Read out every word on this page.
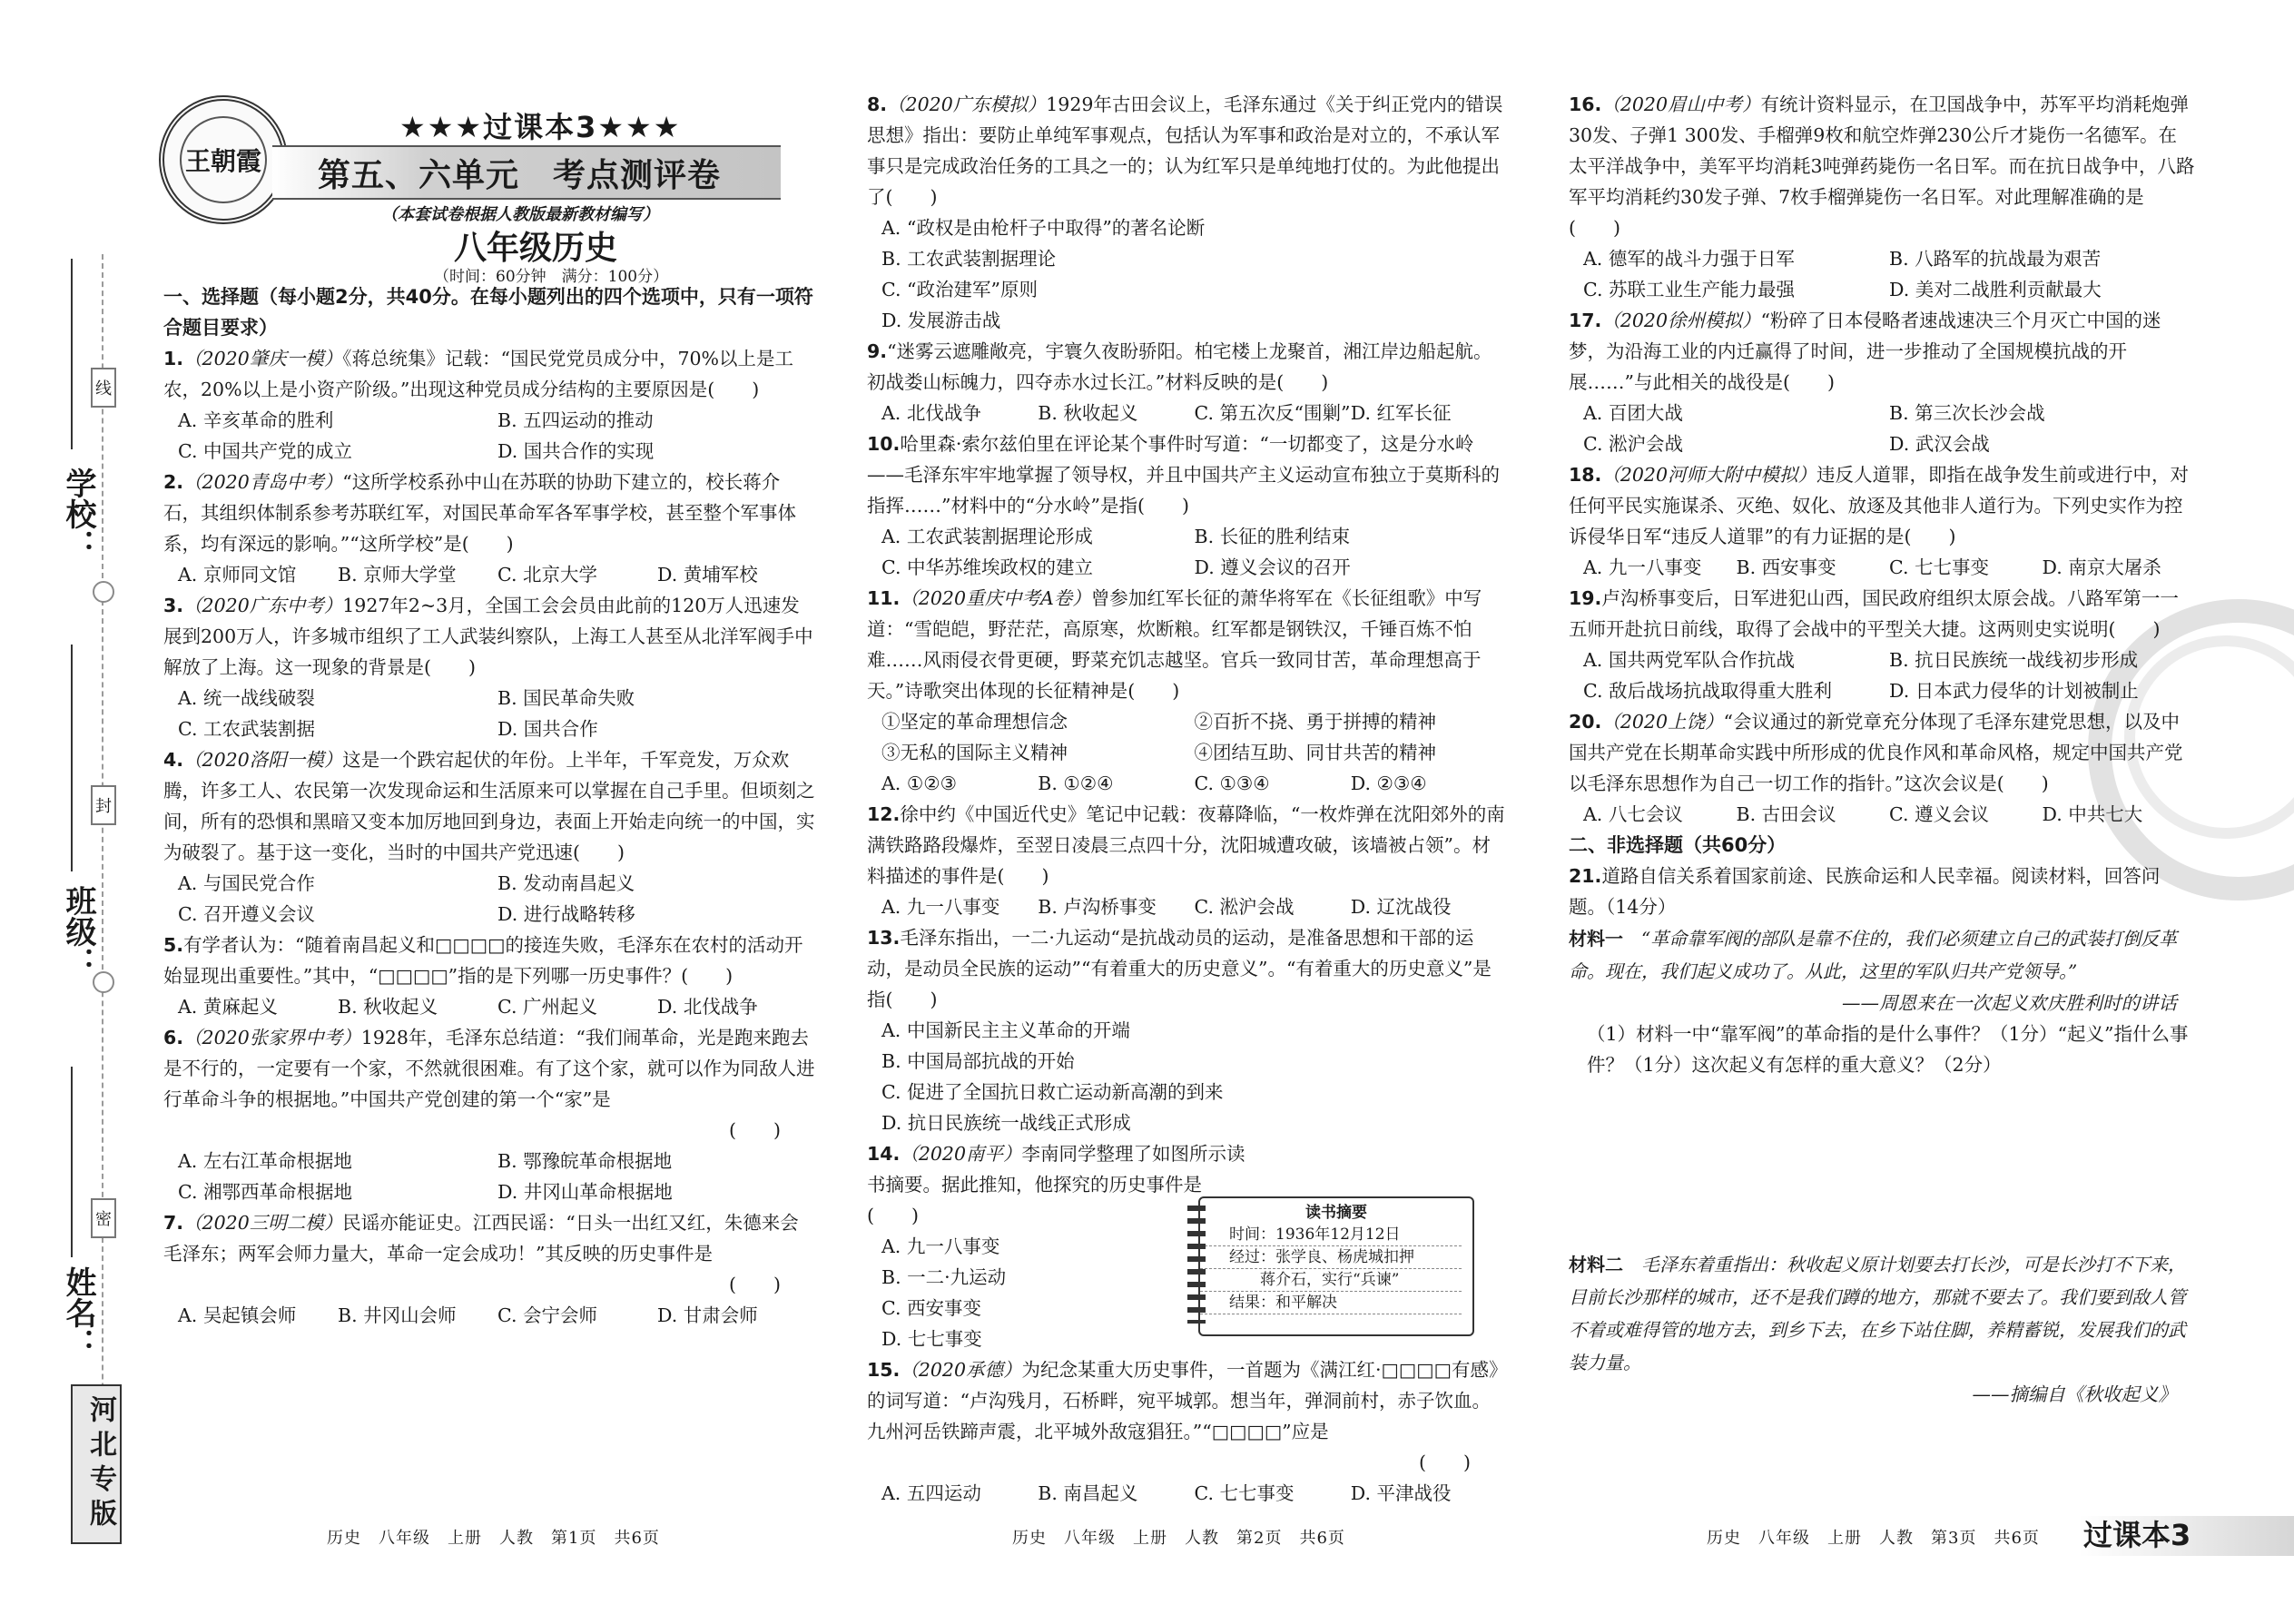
线
封
密
学校：
班级：
姓名：
河北专版
王朝霞
★★★过课本3★★★
第五、六单元　考点测评卷
（本套试卷根据人教版最新教材编写）
八年级历史
（时间：60分钟　满分：100分）
一、选择题（每小题2分，共40分。在每小题列出的四个选项中，只有一项符合题目要求）
1.（2020肇庆一模）《蒋总统集》记载：“国民党党员成分中，70%以上是工农，20%以上是小资产阶级。”出现这种党员成分结构的主要原因是(　　)
A. 辛亥革命的胜利	B. 五四运动的推动
C. 中国共产党的成立	D. 国共合作的实现
2.（2020青岛中考）“这所学校系孙中山在苏联的协助下建立的，校长蒋介石，其组织体制系参考苏联红军，对国民革命军各军事学校，甚至整个军事体系，均有深远的影响。”“这所学校”是(　　)
A. 京师同文馆	B. 京师大学堂	C. 北京大学	D. 黄埔军校
3.（2020广东中考）1927年2~3月，全国工会会员由此前的120万人迅速发展到200万人，许多城市组织了工人武装纠察队，上海工人甚至从北洋军阀手中解放了上海。这一现象的背景是(　　)
A. 统一战线破裂	B. 国民革命失败
C. 工农武装割据	D. 国共合作
4.（2020洛阳一模）这是一个跌宕起伏的年份。上半年，千军竞发，万众欢腾，许多工人、农民第一次发现命运和生活原来可以掌握在自己手里。但顷刻之间，所有的恐惧和黑暗又变本加厉地回到身边，表面上开始走向统一的中国，实为破裂了。基于这一变化，当时的中国共产党迅速(　　)
A. 与国民党合作	B. 发动南昌起义
C. 召开遵义会议	D. 进行战略转移
5.有学者认为：“随着南昌起义和□□□□的接连失败，毛泽东在农村的活动开始显现出重要性。”其中，“□□□□”指的是下列哪一历史事件？(　　)
A. 黄麻起义	B. 秋收起义	C. 广州起义	D. 北伐战争
6.（2020张家界中考）1928年，毛泽东总结道：“我们闹革命，光是跑来跑去是不行的，一定要有一个家，不然就很困难。有了这个家，就可以作为同敌人进行革命斗争的根据地。”中国共产党创建的第一个“家”是
(　　)
A. 左右江革命根据地	B. 鄂豫皖革命根据地
C. 湘鄂西革命根据地	D. 井冈山革命根据地
7.（2020三明二模）民谣亦能证史。江西民谣：“日头一出红又红，朱德来会毛泽东；两军会师力量大，革命一定会成功！”其反映的历史事件是
(　　)
A. 吴起镇会师	B. 井冈山会师	C. 会宁会师	D. 甘肃会师
8.（2020广东模拟）1929年古田会议上，毛泽东通过《关于纠正党内的错误思想》指出：要防止单纯军事观点，包括认为军事和政治是对立的，不承认军事只是完成政治任务的工具之一的；认为红军只是单纯地打仗的。为此他提出了(　　)
A. “政权是由枪杆子中取得”的著名论断
B. 工农武装割据理论
C. “政治建军”原则
D. 发展游击战
9.“迷雾云遮雕敞亮，宇寰久夜盼骄阳。柏宅楼上龙聚首，湘江岸边船起航。初战娄山标魄力，四夺赤水过长江。”材料反映的是(　　)
A. 北伐战争	B. 秋收起义	C. 第五次反“围剿” D. 红军长征
10.哈里森·索尔兹伯里在评论某个事件时写道：“一切都变了，这是分水岭——毛泽东牢牢地掌握了领导权，并且中国共产主义运动宣布独立于莫斯科的指挥……”材料中的“分水岭”是指(　　)
A. 工农武装割据理论形成	B. 长征的胜利结束
C. 中华苏维埃政权的建立	D. 遵义会议的召开
11.（2020重庆中考A卷）曾参加红军长征的萧华将军在《长征组歌》中写道：“雪皑皑，野茫茫，高原寒，炊断粮。红军都是钢铁汉，千锤百炼不怕难……风雨侵衣骨更硬，野菜充饥志越坚。官兵一致同甘苦，革命理想高于天。”诗歌突出体现的长征精神是(　　)
①坚定的革命理想信念	②百折不挠、勇于拼搏的精神
③无私的国际主义精神	④团结互助、同甘共苦的精神
A. ①②③	B. ①②④	C. ①③④	D. ②③④
12.徐中约《中国近代史》笔记中记载：夜幕降临，“一枚炸弹在沈阳郊外的南满铁路路段爆炸，至翌日凌晨三点四十分，沈阳城遭攻破，该墙被占领”。材料描述的事件是(　　)
A. 九一八事变	B. 卢沟桥事变	C. 淞沪会战	D. 辽沈战役
13.毛泽东指出，一二·九运动“是抗战动员的运动，是准备思想和干部的运动，是动员全民族的运动”“有着重大的历史意义”。“有着重大的历史意义”是指(　　)
A. 中国新民主主义革命的开端
B. 中国局部抗战的开始
C. 促进了全国抗日救亡运动新高潮的到来
D. 抗日民族统一战线正式形成
14.（2020南平）李南同学整理了如图所示读书摘要。据此推知，他探究的历史事件是(　　)
A. 九一八事变
B. 一二·九运动
C. 西安事变
D. 七七事变
15.（2020承德）为纪念某重大历史事件，一首题为《满江红·□□□□有感》的词写道：“卢沟残月，石桥畔，宛平城郭。想当年，弹洞前村，赤子饮血。九州河岳铁蹄声震，北平城外敌寇猖狂。”“□□□□”应是
(　　)
A. 五四运动	B. 南昌起义	C. 七七事变	D. 平津战役
读书摘要
时间：1936年12月12日
经过：张学良、杨虎城扣押
　　蒋介石，实行“兵谏”
结果：和平解决
16.（2020眉山中考）有统计资料显示，在卫国战争中，苏军平均消耗炮弹30发、子弹1 300发、手榴弹9枚和航空炸弹230公斤才毙伤一名德军。在太平洋战争中，美军平均消耗3吨弹药毙伤一名日军。而在抗日战争中，八路军平均消耗约30发子弹、7枚手榴弹毙伤一名日军。对此理解准确的是(　　)
A. 德军的战斗力强于日军	B. 八路军的抗战最为艰苦
C. 苏联工业生产能力最强	D. 美对二战胜利贡献最大
17.（2020徐州模拟）“粉碎了日本侵略者速战速决三个月灭亡中国的迷梦，为沿海工业的内迁赢得了时间，进一步推动了全国规模抗战的开展……”与此相关的战役是(　　)
A. 百团大战	B. 第三次长沙会战
C. 淞沪会战	D. 武汉会战
18.（2020河师大附中模拟）违反人道罪，即指在战争发生前或进行中，对任何平民实施谋杀、灭绝、奴化、放逐及其他非人道行为。下列史实作为控诉侵华日军“违反人道罪”的有力证据的是(　　)
A. 九一八事变	B. 西安事变	C. 七七事变	D. 南京大屠杀
19.卢沟桥事变后，日军进犯山西，国民政府组织太原会战。八路军第一一五师开赴抗日前线，取得了会战中的平型关大捷。这两则史实说明(　　)
A. 国共两党军队合作抗战	B. 抗日民族统一战线初步形成
C. 敌后战场抗战取得重大胜利	D. 日本武力侵华的计划被制止
20.（2020上饶）“会议通过的新党章充分体现了毛泽东建党思想，以及中国共产党在长期革命实践中所形成的优良作风和革命风格，规定中国共产党以毛泽东思想作为自己一切工作的指针。”这次会议是(　　)
A. 八七会议	B. 古田会议	C. 遵义会议	D. 中共七大
二、非选择题（共60分）
21.道路自信关系着国家前途、民族命运和人民幸福。阅读材料，回答问题。（14分）
材料一　 “革命靠军阀的部队是靠不住的，我们必须建立自己的武装打倒反革命。现在，我们起义成功了。从此，这里的军队归共产党领导。”
——周恩来在一次起义欢庆胜利时的讲话
（1）材料一中“靠军阀”的革命指的是什么事件？（1分）“起义”指什么事件？（1分）这次起义有怎样的重大意义？（2分）
材料二　 毛泽东着重指出：秋收起义原计划要去打长沙，可是长沙打不下来，目前长沙那样的城市，还不是我们蹲的地方，那就不要去了。我们要到敌人管不着或难得管的地方去，到乡下去，在乡下站住脚，养精蓄锐，发展我们的武装力量。
——摘编自《秋收起义》
历史　八年级　上册　人教　第1页　共6页	历史　八年级　上册　人教　第2页　共6页	历史　八年级　上册　人教　第3页　共6页 过课本3
